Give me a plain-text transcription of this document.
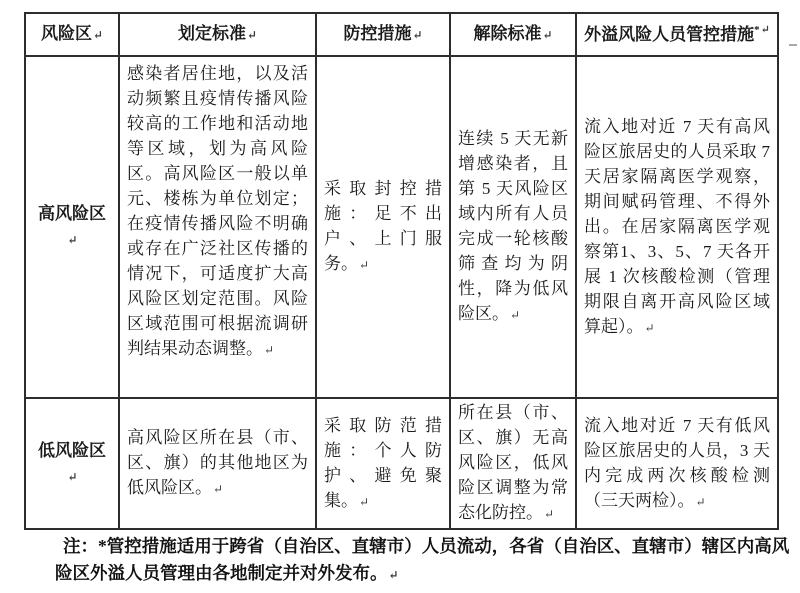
风险区↵	划定标准↵	防控措施↵	解除标准↵	外溢风险人员管控措施*↵
高风险区↵	感染者居住地，以及活动频繁且疫情传播风险较高的工作地和活动地等区域，划为高风险区。高风险区一般以单元、楼栋为单位划定；在疫情传播风险不明确或存在广泛社区传播的情况下，可适度扩大高风险区划定范围。风险区域范围可根据流调研判结果动态调整。↵	采取封控措施：足不出户、上门服务。↵	连续 5 天无新增感染者，且第 5 天风险区域内所有人员完成一轮核酸筛查均为阴性，降为低风险区。↵	流入地对近 7 天有高风险区旅居史的人员采取 7 天居家隔离医学观察，期间赋码管理、不得外出。在居家隔离医学观察第1、3、5、7 天各开展 1 次核酸检测（管理期限自离开高风险区域算起）。↵
低风险区↵	高风险区所在县（市、区、旗）的其他地区为低风险区。↵	采取防范措施：个人防护、避免聚集。↵	所在县（市、区、旗）无高风险区，低风险区调整为常态化防控。↵	流入地对近 7 天有低风险区旅居史的人员，3 天内完成两次核酸检测（三天两检）。↵
注：*管控措施适用于跨省（自治区、直辖市）人员流动，各省（自治区、直辖市）辖区内高风
险区外溢人员管理由各地制定并对外发布。↵
